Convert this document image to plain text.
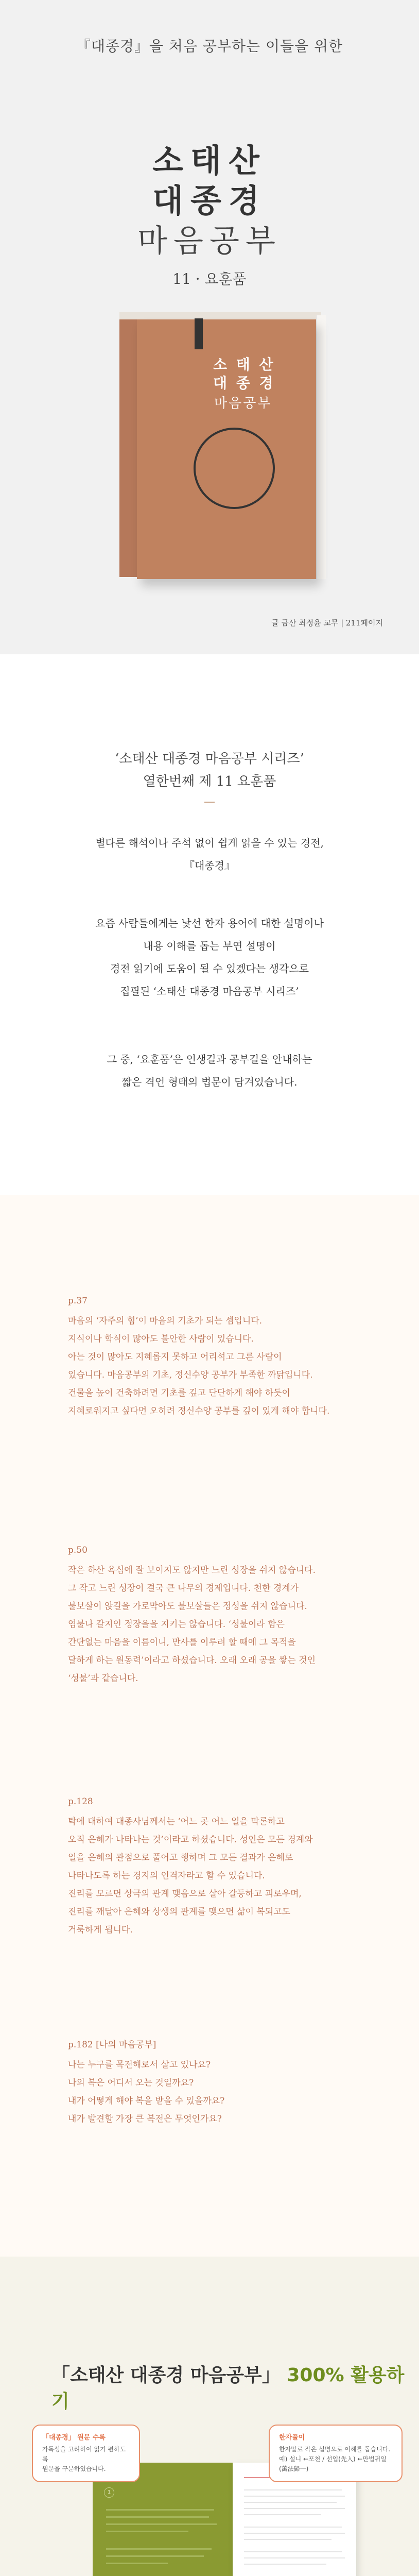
『대종경』을 처음 공부하는 이들을 위한
소태산
대종경
마음공부
11 · 요훈품
소 태 산
대 종 경
마음공부
글 금산 최정윤 교무 | 211페이지
‘소태산 대종경 마음공부 시리즈’
열한번째 제 11 요훈품
별다른 해석이나 주석 없이 쉽게 읽을 수 있는 경전,
『대종경』
요즘 사람들에게는 낯선 한자 용어에 대한 설명이나
내용 이해를 돕는 부연 설명이
경전 읽기에 도움이 될 수 있겠다는 생각으로
집필된 ‘소태산 대종경 마음공부 시리즈’
그 중, ‘요훈품’은 인생길과 공부길을 안내하는
짧은 격언 형태의 법문이 담겨있습니다.
p.37
마음의 ‘자주의 힘’이 마음의 기초가 되는 셈입니다.
지식이나 학식이 많아도 불안한 사람이 있습니다.
아는 것이 많아도 지혜롭지 못하고 어리석고 그른 사람이
있습니다. 마음공부의 기초, 정신수양 공부가 부족한 까닭입니다.
건물을 높이 건축하려면 기초를 깊고 단단하게 해야 하듯이
지혜로워지고 싶다면 오히려 정신수양 공부를 깊이 있게 해야 합니다.
p.50
작은 하산 욕심에 잘 보이지도 않지만 느린 성장을 쉬지 않습니다.
그 작고 느린 성장이 결국 큰 나무의 경제입니다. 천한 경계가
불보살이 앉길을 가로막아도 불보살들은 정성을 쉬지 않습니다.
염불나 갈지인 정장을을 지키는 않습니다. ‘성불이라 함은
간단없는 마음을 이름이니, 만사를 이루려 할 때에 그 목적을
달하게 하는 원동력’이라고 하셨습니다. 오래 오래 공을 쌓는 것인
‘성불’과 같습니다.
p.128
탁에 대하여 대종사님께서는 ‘어느 곳 어느 일을 막론하고
오직 은혜가 나타나는 것’이라고 하셨습니다. 성인은 모든 경계와
일을 은혜의 관점으로 풀어고 행하며 그 모든 결과가 은혜로
나타나도록 하는 경지의 인격자라고 할 수 있습니다.
진리를 모르면 상극의 관계 맺음으로 살아 갈등하고 괴로우며,
진리를 깨달아 은혜와 상생의 관계를 맺으면 삶이 복되고도
거룩하게 됩니다.
p.182 [나의 마음공부]
나는 누구를 목전해로서 살고 있나요?
나의 복은 어디서 오는 것일까요?
내가 어떻게 해야 복을 받을 수 있을까요?
내가 발견할 가장 큰 복전은 무엇인가요?
「소태산 대종경 마음공부」 300% 활용하기
1
「대종경」 원문 수록
가독성을 고려하여 읽기 편하도록
원문을 구분하였습니다.
한자풀이
한자말로 작은 설명으로 이해를 돕습니다.
예) 설니 ←포천 / 선입(先入) ←만법귀일(萬法歸一)
